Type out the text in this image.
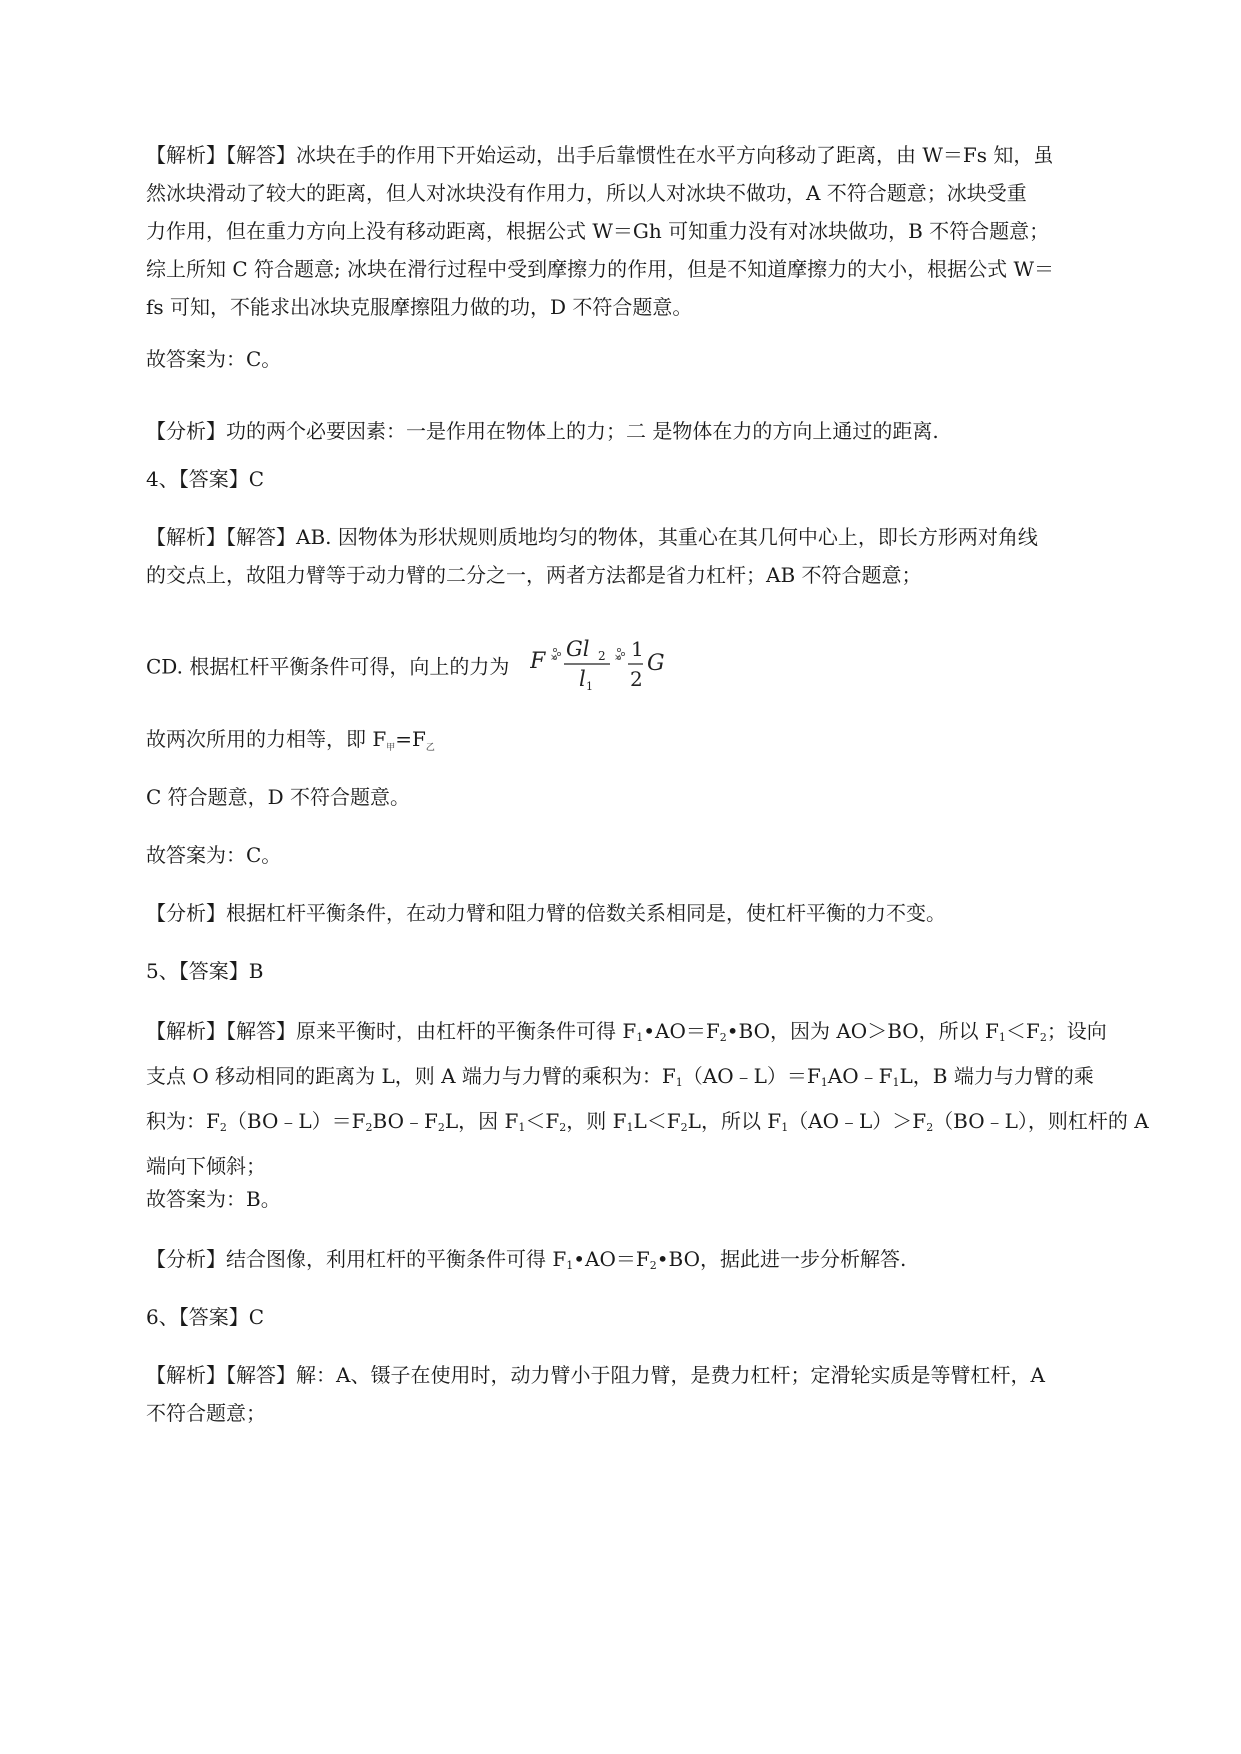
【解析】【解答】冰块在手的作用下开始运动，出手后靠惯性在水平方向移动了距离，由 W＝Fs 知，虽
然冰块滑动了较大的距离，但人对冰块没有作用力，所以人对冰块不做功，A 不符合题意；冰块受重
力作用，但在重力方向上没有移动距离，根据公式 W＝Gh 可知重力没有对冰块做功，B 不符合题意；
综上所知 C 符合题意; 冰块在滑行过程中受到摩擦力的作用，但是不知道摩擦力的大小，根据公式 W＝
fs 可知，不能求出冰块克服摩擦阻力做的功，D 不符合题意。
故答案为：C。
【分析】功的两个必要因素：一是作用在物体上的力；二 是物体在力的方向上通过的距离.
4、【答案】C
【解析】【解答】AB. 因物体为形状规则质地均匀的物体，其重心在其几何中心上，即长方形两对角线
的交点上，故阻力臂等于动力臂的二分之一，两者方法都是省力杠杆；AB 不符合题意；
CD. 根据杠杆平衡条件可得，向上的力为 F × Gl 2
l 1
× 1
2
G
故两次所用的力相等，即 $F_甲=F_乙$
C 符合题意，D 不符合题意。
故答案为：C。
【分析】根据杠杆平衡条件，在动力臂和阻力臂的倍数关系相同是，使杠杆平衡的力不变。
5、【答案】B
【解析】【解答】原来平衡时，由杠杆的平衡条件可得 $F_1•AO=F_2•BO$，因为 AO＞BO，所以 $F_1<F_2$；设向
支点 O 移动相同的距离为 L，则 A 端力与力臂的乘积为：$F_1(AO﹣L)=F_1AO﹣F_1L$，B 端力与力臂的乘
积为：$F_2(BO﹣L)=F_2BO﹣F_2L$，因 $F_1<F_2$，则 $F_1L<F_2L$，所以 $F_1(AO﹣L)>F_2(BO﹣L)$，则杠杆的 A
端向下倾斜；
故答案为：B。
【分析】结合图像，利用杠杆的平衡条件可得 $F_1•AO=F_2•BO$，据此进一步分析解答.
6、【答案】C
【解析】【解答】解：A、镊子在使用时，动力臂小于阻力臂，是费力杠杆；定滑轮实质是等臂杠杆，A
不符合题意；
